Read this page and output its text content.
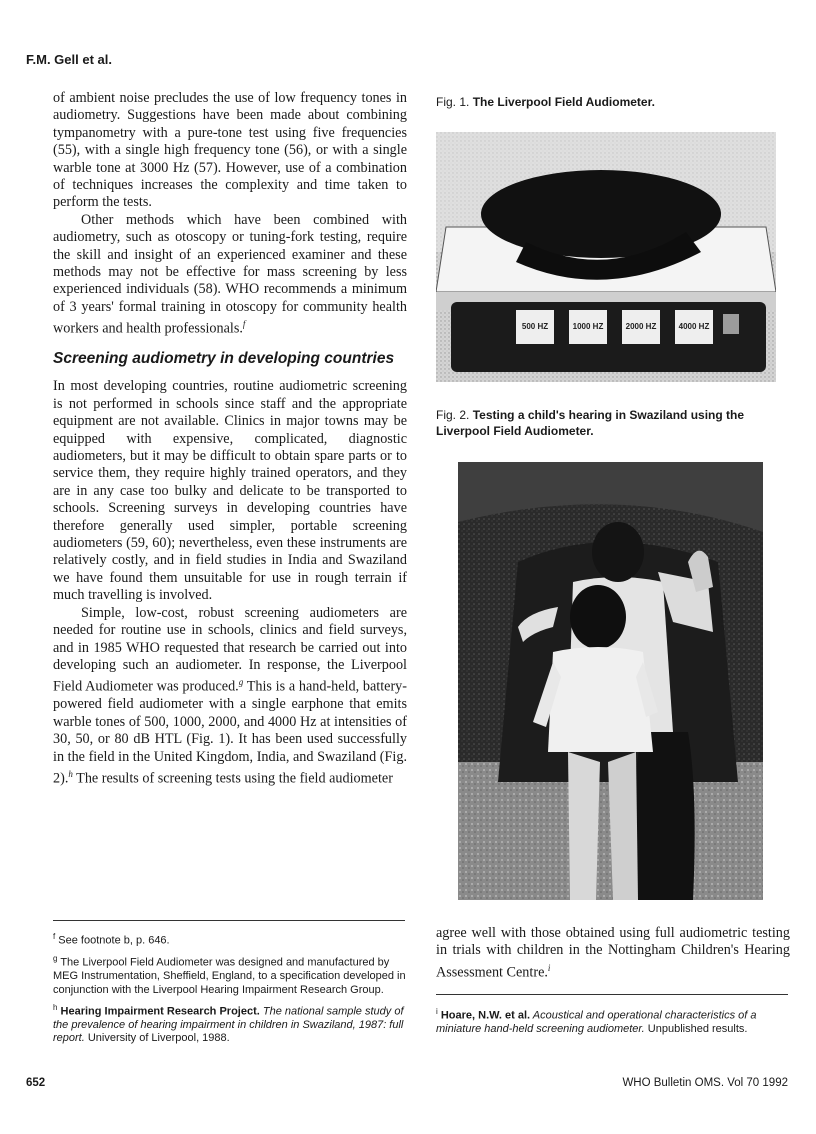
F.M. Gell et al.

of ambient noise precludes the use of low frequency tones in audiometry. Suggestions have been made about combining tympanometry with a pure-tone test using five frequencies (55), with a single high frequency tone (56), or with a single warble tone at 3000 Hz (57). However, use of a combination of techniques increases the complexity and time taken to perform the tests.

Other methods which have been combined with audiometry, such as otoscopy or tuning-fork testing, require the skill and insight of an experienced examiner and these methods may not be effective for mass screening by less experienced individuals (58). WHO recommends a minimum of 3 years' formal training in otoscopy for community health workers and health professionals.$^f$

Screening audiometry in developing countries

In most developing countries, routine audiometric screening is not performed in schools since staff and the appropriate equipment are not available. Clinics in major towns may be equipped with expensive, complicated, diagnostic audiometers, but it may be difficult to obtain spare parts or to service them, they require highly trained operators, and they are in any case too bulky and delicate to be transported to schools. Screening surveys in developing countries have therefore generally used simpler, portable screening audiometers (59, 60); nevertheless, even these instruments are relatively costly, and in field studies in India and Swaziland we have found them unsuitable for use in rough terrain if much travelling is involved.

Simple, low-cost, robust screening audiometers are needed for routine use in schools, clinics and field surveys, and in 1985 WHO requested that research be carried out into developing such an audiometer. In response, the Liverpool Field Audiometer was produced.$^g$ This is a hand-held, battery-powered field audiometer with a single earphone that emits warble tones of 500, 1000, 2000, and 4000 Hz at intensities of 30, 50, or 80 dB HTL (Fig. 1). It has been used successfully in the field in the United Kingdom, India, and Swaziland (Fig. 2).$^h$ The results of screening tests using the field audiometer

$^f$ See footnote b, p. 646.

$^g$ The Liverpool Field Audiometer was designed and manufactured by MEG Instrumentation, Sheffield, England, to a specification developed in conjunction with the Liverpool Hearing Impairment Research Group.

$^h$ Hearing Impairment Research Project. The national sample study of the prevalence of hearing impairment in children in Swaziland, 1987: full report. University of Liverpool, 1988.

Fig. 1. The Liverpool Field Audiometer.
500 HZ	1000 HZ	2000 HZ	4000 HZ
Fig. 2. Testing a child's hearing in Swaziland using the Liverpool Field Audiometer.

agree well with those obtained using full audiometric testing in trials with children in the Nottingham Children's Hearing Assessment Centre.$^i$

$^i$ Hoare, N.W. et al. Acoustical and operational characteristics of a miniature hand-held screening audiometer. Unpublished results.

652	WHO Bulletin OMS. Vol 70 1992
